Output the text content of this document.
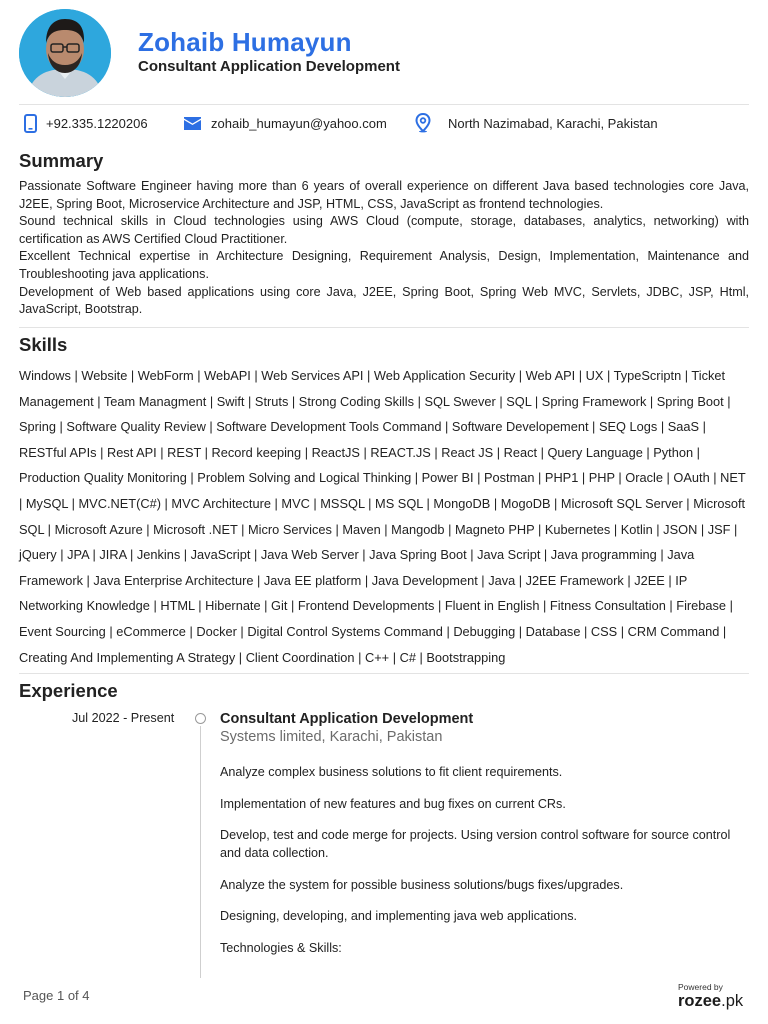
Zohaib Humayun
Consultant Application Development
+92.335.1220206	zohaib_humayun@yahoo.com	North Nazimabad, Karachi, Pakistan
Summary

Passionate Software Engineer having more than 6 years of overall experience on different Java based technologies core Java, J2EE, Spring Boot, Microservice Architecture and JSP, HTML, CSS, JavaScript as frontend technologies.

Sound technical skills in Cloud technologies using AWS Cloud (compute, storage, databases, analytics, networking) with certification as AWS Certified Cloud Practitioner.

Excellent Technical expertise in Architecture Designing, Requirement Analysis, Design, Implementation, Maintenance and Troubleshooting java applications.

Development of Web based applications using core Java, J2EE, Spring Boot, Spring Web MVC, Servlets, JDBC, JSP, Html, JavaScript, Bootstrap.

Skills
Windows | Website | WebForm | WebAPI | Web Services API | Web Application Security | Web API | UX | TypeScriptn | Ticket Management | Team Managment | Swift | Struts | Strong Coding Skills | SQL Swever | SQL | Spring Framework | Spring Boot | Spring | Software Quality Review | Software Development Tools Command | Software Developement | SEQ Logs | SaaS | RESTful APIs | Rest API | REST | Record keeping | ReactJS | REACT.JS | React JS | React | Query Language | Python | Production Quality Monitoring | Problem Solving and Logical Thinking | Power BI | Postman | PHP1 | PHP | Oracle | OAuth | NET | MySQL | MVC.NET(C#) | MVC Architecture | MVC | MSSQL | MS SQL | MongoDB | MogoDB | Microsoft SQL Server | Microsoft SQL | Microsoft Azure | Microsoft .NET | Micro Services | Maven | Mangodb | Magneto PHP | Kubernetes | Kotlin | JSON | JSF | jQuery | JPA | JIRA | Jenkins | JavaScript | Java Web Server | Java Spring Boot | Java Script | Java programming | Java Framework | Java Enterprise Architecture | Java EE platform | Java Development | Java | J2EE Framework | J2EE | IP Networking Knowledge | HTML | Hibernate | Git | Frontend Developments | Fluent in English | Fitness Consultation | Firebase | Event Sourcing | eCommerce | Docker | Digital Control Systems Command | Debugging | Database | CSS | CRM Command | Creating And Implementing A Strategy | Client Coordination | C++ | C# | Bootstrapping
Experience
Jul 2022 - Present	Consultant Application Development
Systems limited, Karachi, Pakistan

Analyze complex business solutions to fit client requirements.

Implementation of new features and bug fixes on current CRs.

Develop, test and code merge for projects. Using version control software for source control and data collection.

Analyze the system for possible business solutions/bugs fixes/upgrades.

Designing, developing, and implementing java web applications.

Technologies & Skills:

Page 1 of 4
Powered by
rozee.pk
